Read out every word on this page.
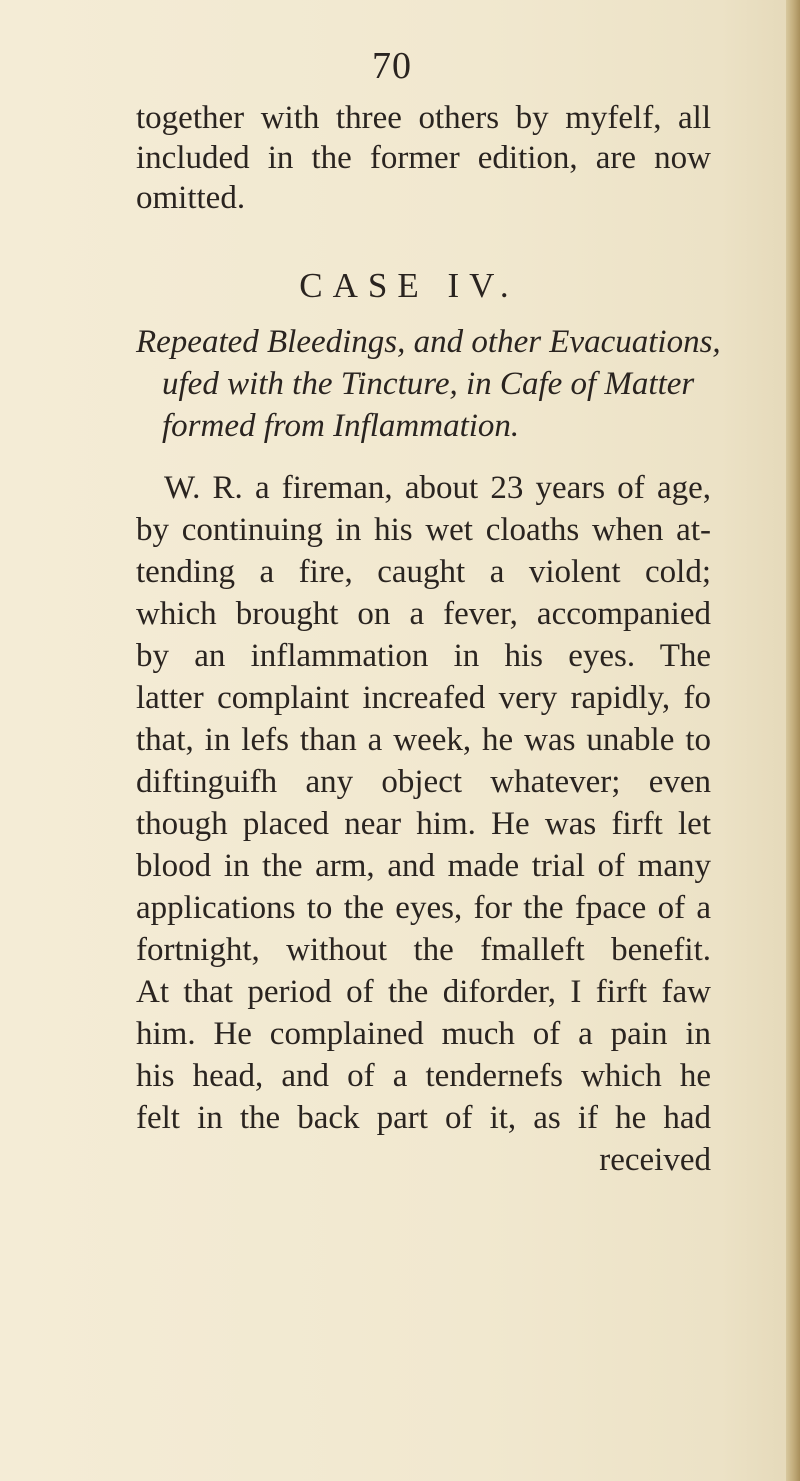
70
together with three others by myfelf, all
included in the former edition, are now
omitted.
CASE IV.
Repeated Bleedings, and other Evacuations,
ufed with the Tincture, in Cafe of Matter
formed from Inflammation.
W. R. a fireman, about 23 years of age,
by continuing in his wet cloaths when at-
tending a fire, caught a violent cold;
which brought on a fever, accompanied
by an inflammation in his eyes. The
latter complaint increafed very rapidly, fo
that, in lefs than a week, he was unable to
diftinguifh any object whatever; even
though placed near him. He was firft let
blood in the arm, and made trial of many
applications to the eyes, for the fpace of a
fortnight, without the fmalleft benefit.
At that period of the diforder, I firft faw
him. He complained much of a pain in
his head, and of a tendernefs which he
felt in the back part of it, as if he had
received
